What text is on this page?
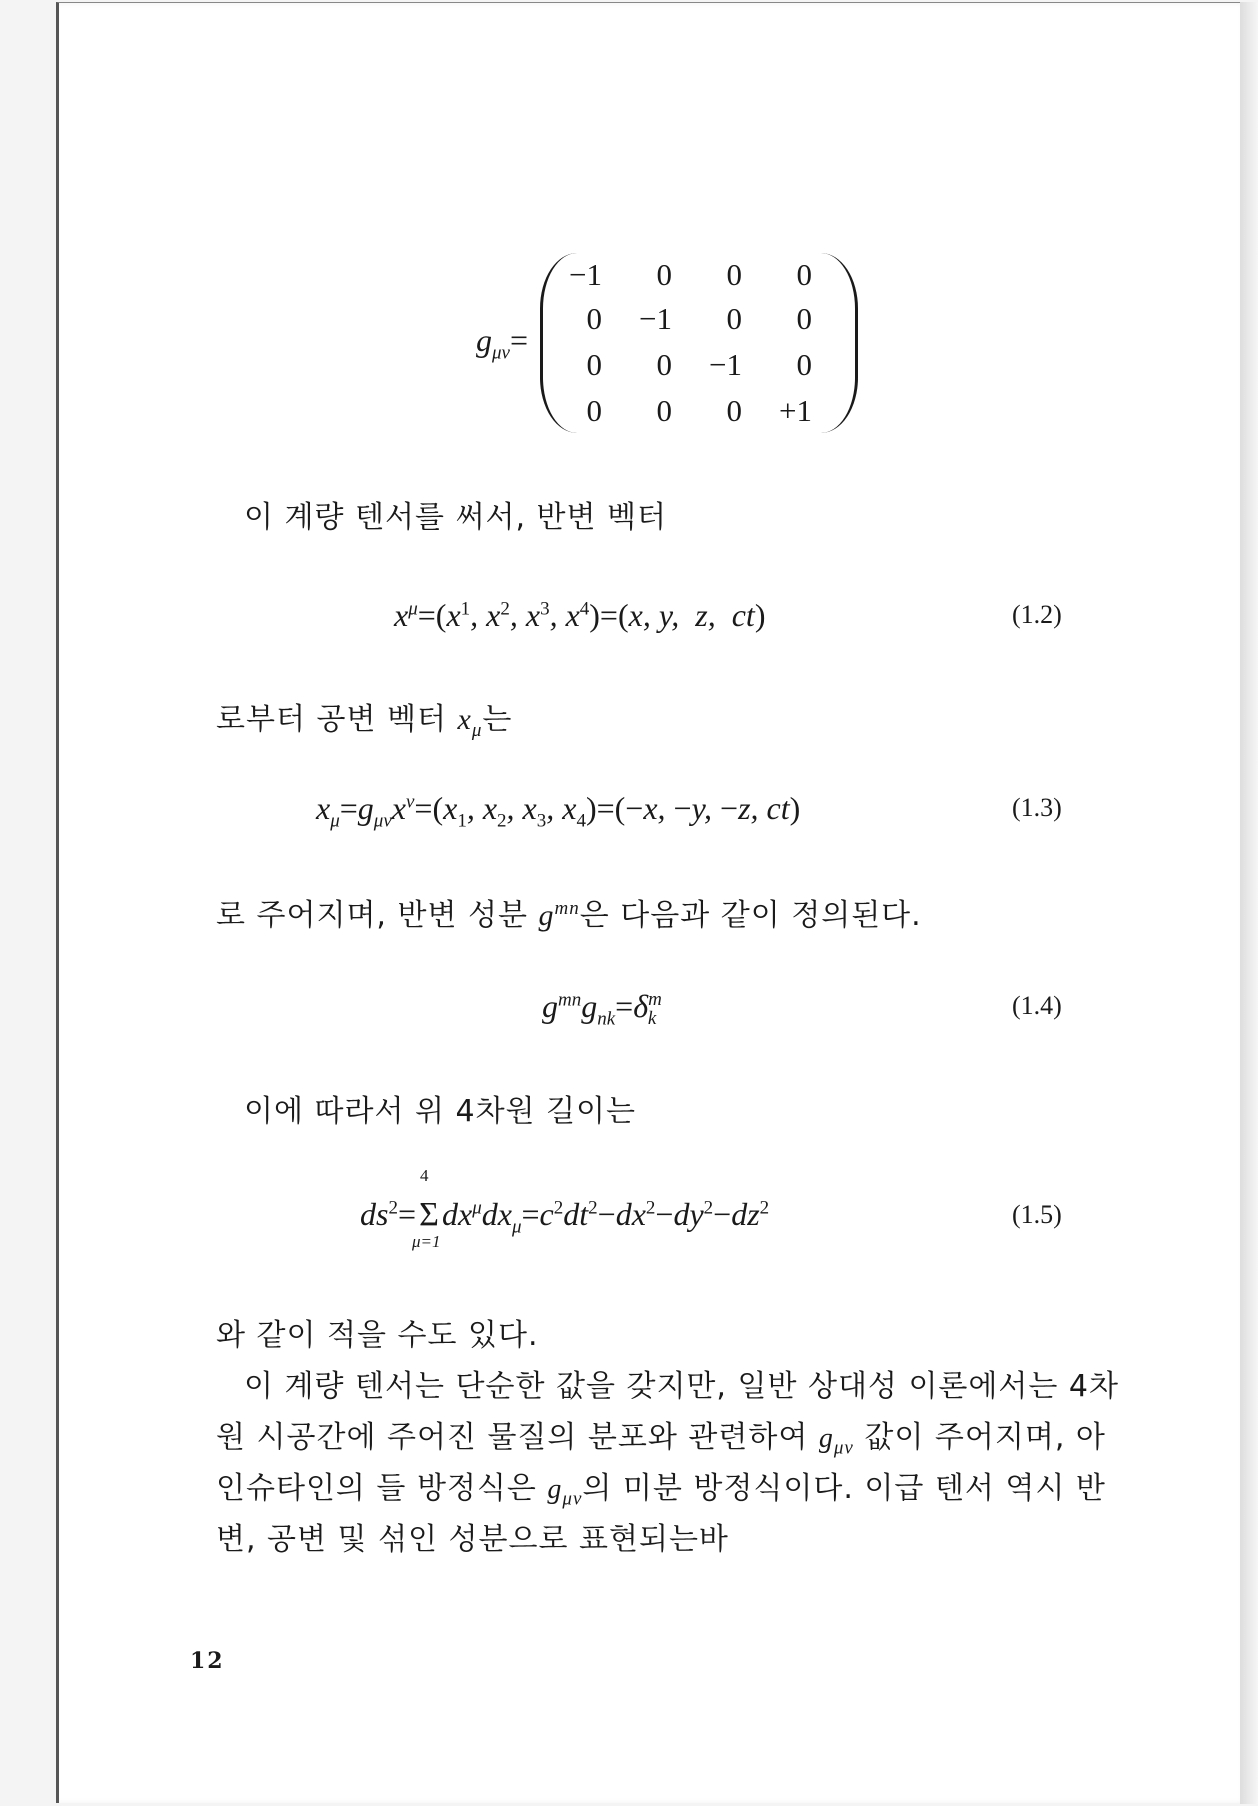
$g_{\mu\nu}=$
−1	0	0	0
0	−1	0	0
0	0	−1	0
0	0	0	+1
이 계량 텐서를 써서, 반변 벡터
$x^\mu=(x^1$, $x^2$, $x^3$, $x^4)=(x$, y,  z,  ct)	(1.2)
로부터 공변 벡터 $x_\mu$는
$x_\mu=g_{\mu\nu}x^\nu=(x_1$, $x_2$, $x_3$, $x_4)=(-x$, −y, −z, ct)	(1.3)
로 주어지며, 반변 성분 $g^{mn}$은 다음과 같이 정의된다.
$g^{mn}g_{nk}=\delta^m_k$	(1.4)
이에 따라서 위 4차원 길이는
$ds^2=\Sigma$
4
μ=1
$dx^\mu dx_\mu=c^2dt^2-dx^2-dy^2-dz^2$	(1.5)
와 같이 적을 수도 있다.
이 계량 텐서는 단순한 값을 갖지만, 일반 상대성 이론에서는 4차
원 시공간에 주어진 물질의 분포와 관련하여 $g_{\mu\nu}$ 값이 주어지며, 아
인슈타인의 들 방정식은 $g_{\mu\nu}$의 미분 방정식이다. 이급 텐서 역시 반
변, 공변 및 섞인 성분으로 표현되는바
12
